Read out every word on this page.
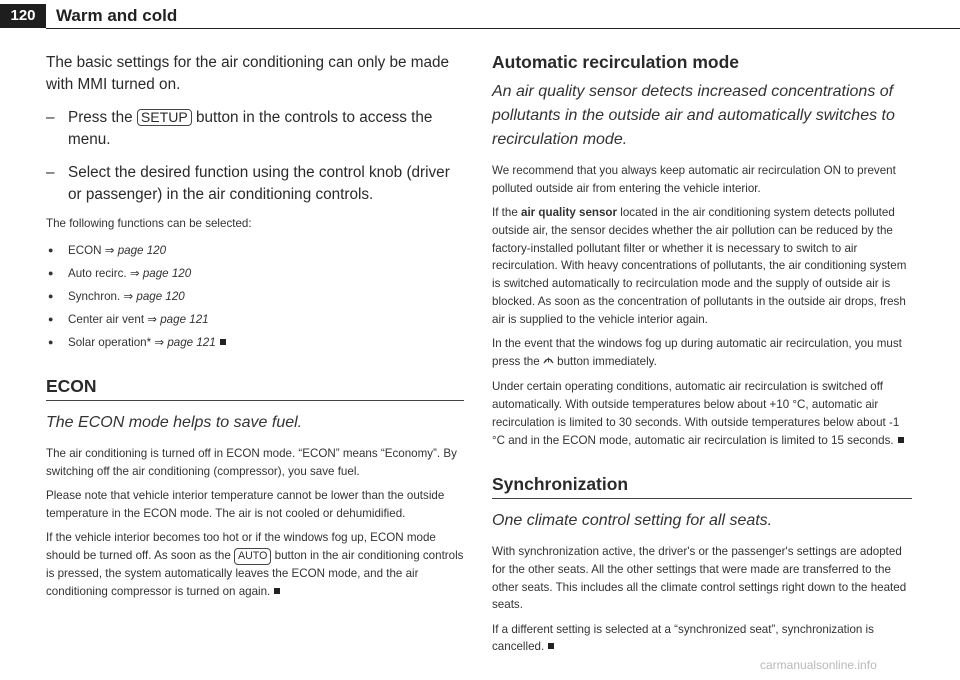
120	Warm and cold

The basic settings for the air conditioning can only be made with MMI turned on.

– Press the SETUP button in the controls to access the menu.

– Select the desired function using the control knob (driver or passenger) in the air conditioning controls.

The following functions can be selected:

● ECON ⇒ page 120
● Auto recirc. ⇒ page 120
● Synchron. ⇒ page 120
● Center air vent ⇒ page 121
● Solar operation* ⇒ page 121
ECON

The ECON mode helps to save fuel.

The air conditioning is turned off in ECON mode. “ECON” means “Economy”. By switching off the air conditioning (compressor), you save fuel.

Please note that vehicle interior temperature cannot be lower than the outside temperature in the ECON mode. The air is not cooled or dehumidified.

If the vehicle interior becomes too hot or if the windows fog up, ECON mode should be turned off. As soon as the AUTO button in the air conditioning controls is pressed, the system automatically leaves the ECON mode, and the air conditioning compressor is turned on again.

Automatic recirculation mode

An air quality sensor detects increased concentrations of pollutants in the outside air and automatically switches to recirculation mode.

We recommend that you always keep automatic air recirculation ON to prevent polluted outside air from entering the vehicle interior.

If the air quality sensor located in the air conditioning system detects polluted outside air, the sensor decides whether the air pollution can be reduced by the factory-installed pollutant filter or whether it is necessary to switch to air recirculation. With heavy concentrations of pollutants, the air conditioning system is switched automatically to recirculation mode and the supply of outside air is blocked. As soon as the concentration of pollutants in the outside air drops, fresh air is supplied to the vehicle interior again.

In the event that the windows fog up during automatic air recirculation, you must press the  button immediately.

Under certain operating conditions, automatic air recirculation is switched off automatically. With outside temperatures below about +10 °C, automatic air recirculation is limited to 30 seconds. With outside temperatures below about -1 °C and in the ECON mode, automatic air recirculation is limited to 15 seconds.

Synchronization

One climate control setting for all seats.

With synchronization active, the driver's or the passenger's settings are adopted for the other seats. All the other settings that were made are transferred to the other seats. This includes all the climate control settings right down to the heated seats.

If a different setting is selected at a “synchronized seat”, synchronization is cancelled.

carmanualsonline.info
